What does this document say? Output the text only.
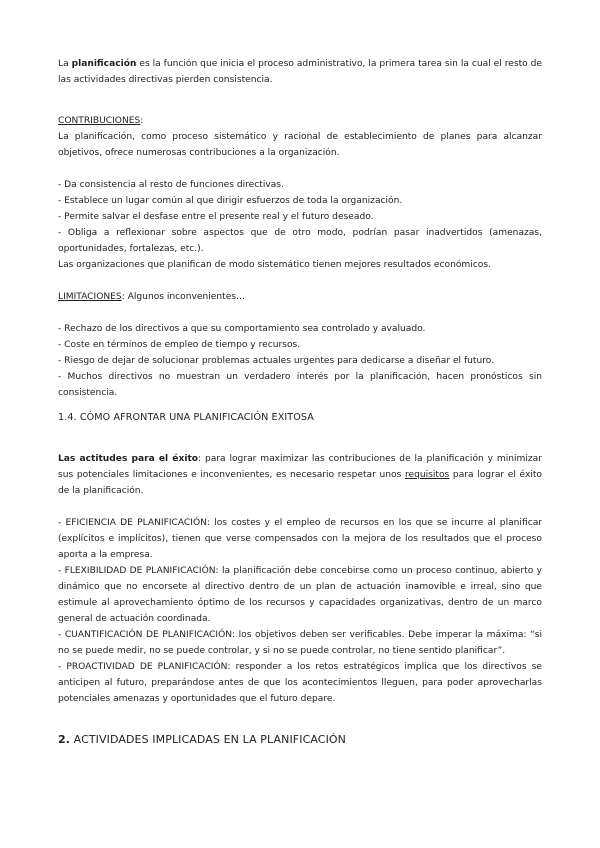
La planificación es la función que inicia el proceso administrativo, la primera tarea sin la cual el resto de las actividades directivas pierden consistencia.

CONTRIBUCIONES:

La planificación, como proceso sistemático y racional de establecimiento de planes para alcanzar objetivos, ofrece numerosas contribuciones a la organización.

- Da consistencia al resto de funciones directivas.

- Establece un lugar común al que dirigir esfuerzos de toda la organización.

- Permite salvar el desfase entre el presente real y el futuro deseado.

- Obliga a reflexionar sobre aspectos que de otro modo, podrían pasar inadvertidos (amenazas, oportunidades, fortalezas, etc.).

Las organizaciones que planifican de modo sistemático tienen mejores resultados económicos.

LIMITACIONES: Algunos inconvenientes…

- Rechazo de los directivos a que su comportamiento sea controlado y avaluado.

- Coste en términos de empleo de tiempo y recursos.

- Riesgo de dejar de solucionar problemas actuales urgentes para dedicarse a diseñar el futuro.

- Muchos directivos no muestran un verdadero interés por la planificación, hacen pronósticos sin consistencia.

1.4. CÓMO AFRONTAR UNA PLANIFICACIÓN EXITOSA

Las actitudes para el éxito: para lograr maximizar las contribuciones de la planificación y minimizar sus potenciales limitaciones e inconvenientes, es necesario respetar unos requisitos para lograr el éxito de la planificación.

- EFICIENCIA DE PLANIFICACIÓN: los costes y el empleo de recursos en los que se incurre al planificar (explícitos e implícitos), tienen que verse compensados con la mejora de los resultados que el proceso aporta a la empresa.

- FLEXIBILIDAD DE PLANIFICACIÓN: la planificación debe concebirse como un proceso continuo, abierto y dinámico que no encorsete al directivo dentro de un plan de actuación inamovible e irreal, sino que estimule al aprovechamiento óptimo de los recursos y capacidades organizativas, dentro de un marco general de actuación coordinada.

- CUANTIFICACIÓN DE PLANIFICACIÓN: los objetivos deben ser verificables. Debe imperar la máxima: “si no se puede medir, no se puede controlar, y si no se puede controlar, no tiene sentido planificar”.

- PROACTIVIDAD DE PLANIFICACIÓN: responder a los retos estratégicos implica que los directivos se anticipen al futuro, preparándose antes de que los acontecimientos lleguen, para poder aprovecharlas potenciales amenazas y oportunidades que el futuro depare.

2. ACTIVIDADES IMPLICADAS EN LA PLANIFICACIÓN
